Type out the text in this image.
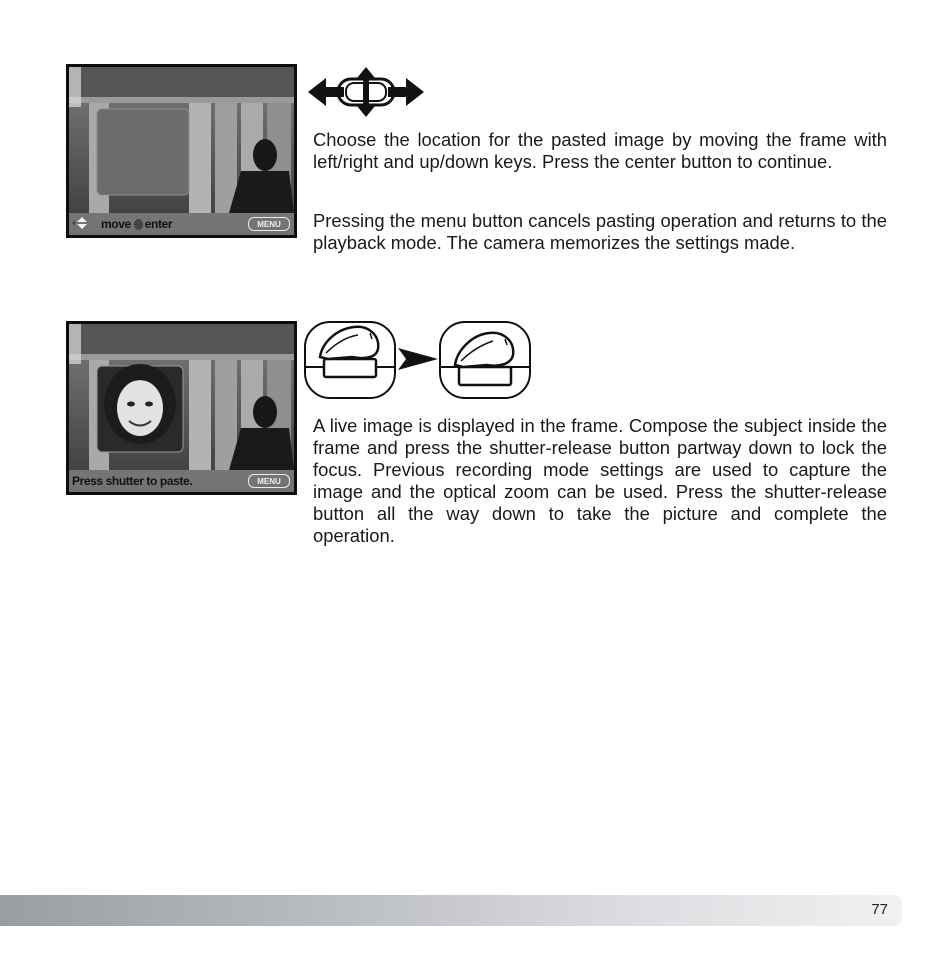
move enter	MENU

Choose the location for the pasted image by moving the frame with left/right and up/down keys. Press the center button to continue.

Pressing the menu button cancels pasting operation and returns to the playback mode. The camera memorizes the settings made.

Press shutter to paste.	MENU

A live image is displayed in the frame. Compose the subject inside the frame and press the shutter-release button partway down to lock the focus. Previous recording mode settings are used to capture the image and the optical zoom can be used. Press the shutter-release button all the way down to take the picture and complete the operation.

77
